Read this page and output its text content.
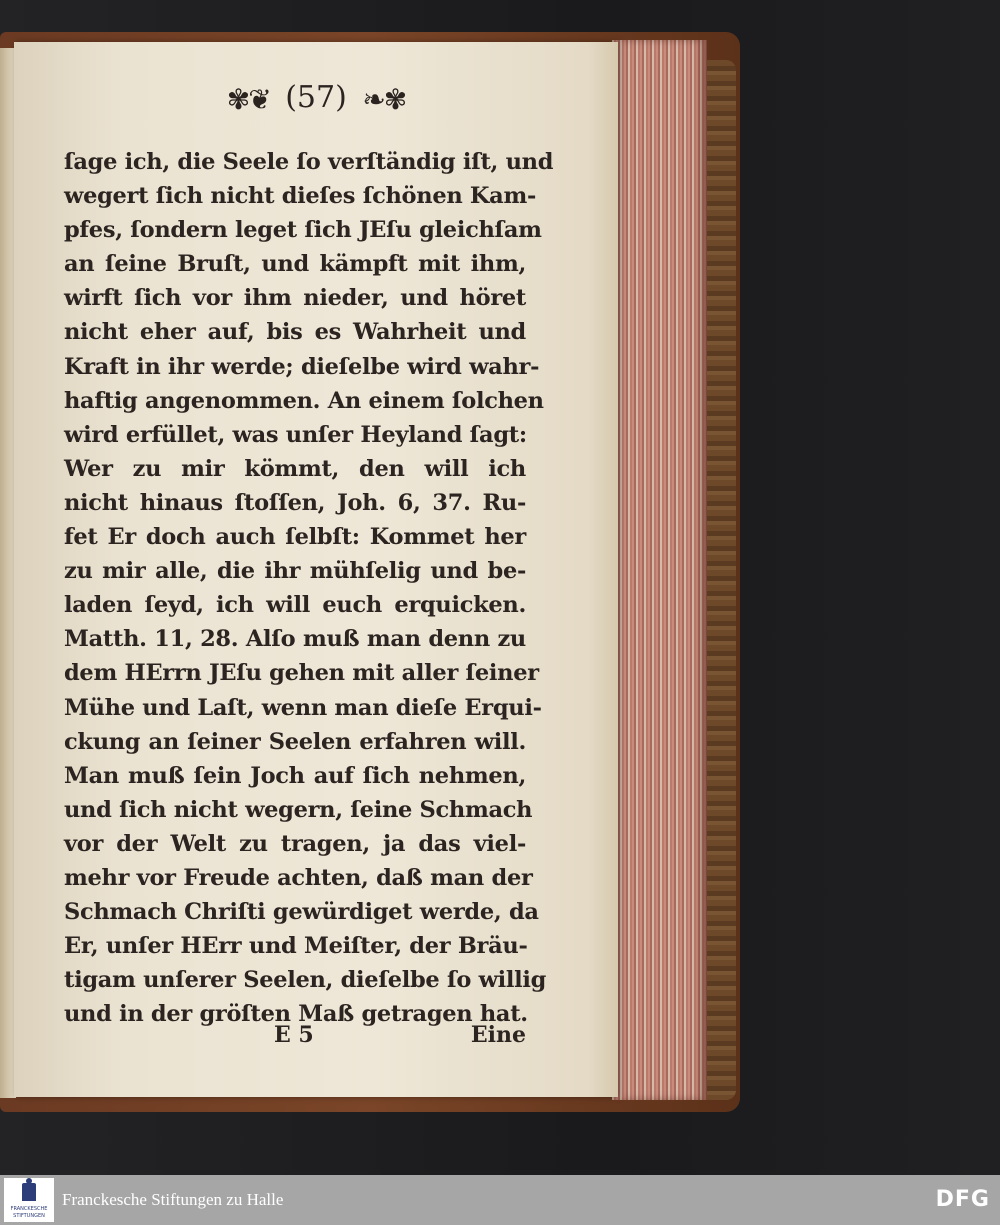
✾❦ (57) ❧✾
ſage ich, die Seele ſo verſtändig iſt, und
wegert ſich nicht dieſes ſchönen Kam-
pfes, ſondern leget ſich JEſu gleichſam
an ſeine Bruſt, und kämpft mit ihm,
wirft ſich vor ihm nieder, und höret
nicht eher auf, bis es Wahrheit und
Kraft in ihr werde; dieſelbe wird wahr-
haftig angenommen. An einem ſolchen
wird erfüllet, was unſer Heyland ſagt:
Wer zu mir kömmt, den will ich
nicht hinaus ſtoſſen, Joh. 6, 37. Ru-
fet Er doch auch ſelbſt: Kommet her
zu mir alle, die ihr mühſelig und be-
laden ſeyd, ich will euch erquicken.
Matth. 11, 28. Alſo muß man denn zu
dem HErrn JEſu gehen mit aller ſeiner
Mühe und Laſt, wenn man dieſe Erqui-
ckung an ſeiner Seelen erfahren will.
Man muß ſein Joch auf ſich nehmen,
und ſich nicht wegern, ſeine Schmach
vor der Welt zu tragen, ja das viel-
mehr vor Freude achten, daß man der
Schmach Chriſti gewürdiget werde, da
Er, unſer HErr und Meiſter, der Bräu-
tigam unſerer Seelen, dieſelbe ſo willig
und in der gröſten Maß getragen hat.
E 5	Eine
FRANCKESCHE
STIFTUNGEN
Franckesche Stiftungen zu Halle	DFG
